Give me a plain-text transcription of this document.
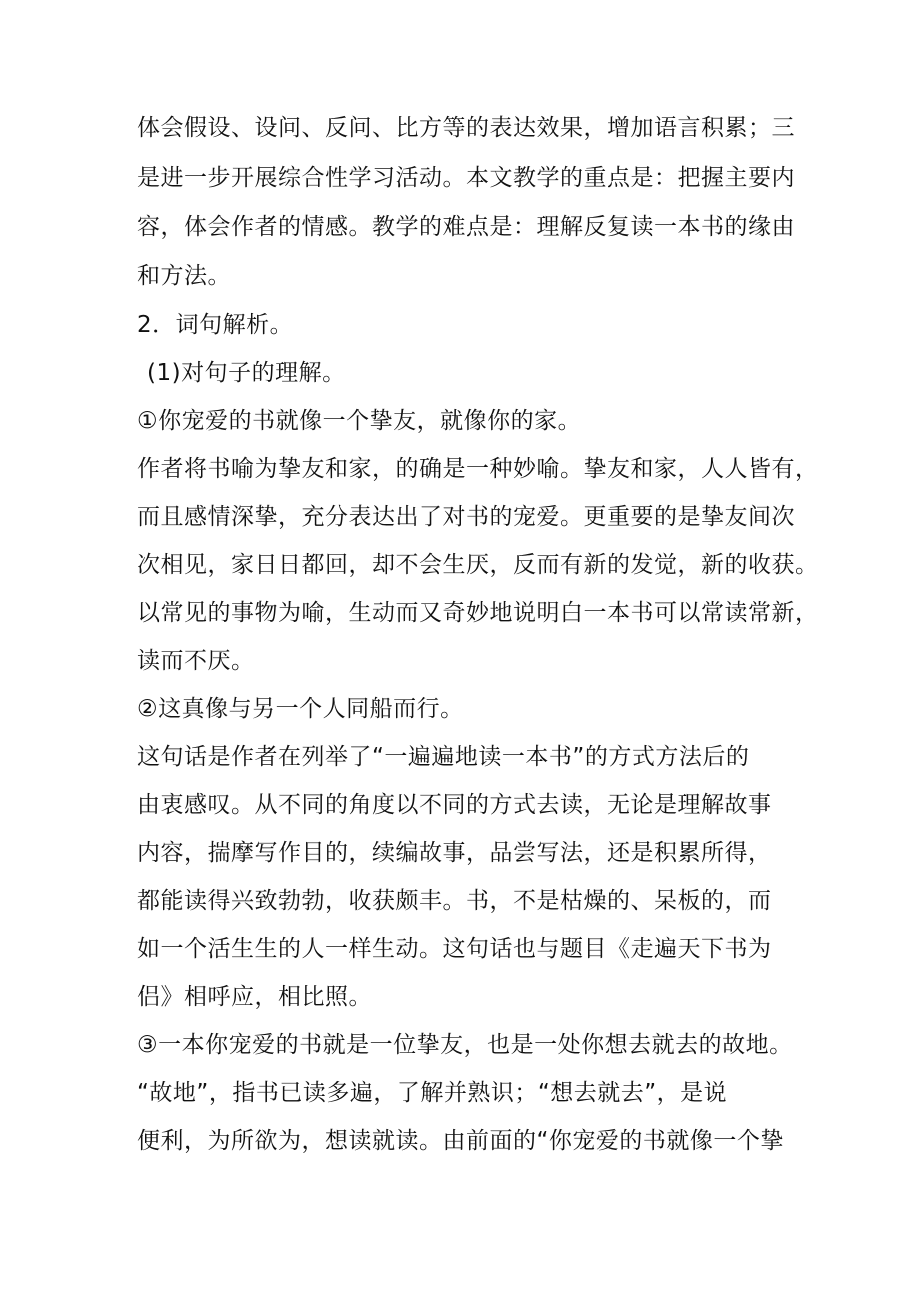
体会假设、设问、反问、比方等的表达效果，增加语言积累；三
是进一步开展综合性学习活动。本文教学的重点是：把握主要内
容，体会作者的情感。教学的难点是：理解反复读一本书的缘由
和方法。
2．词句解析。
(1)对句子的理解。
①你宠爱的书就像一个挚友，就像你的家。
作者将书喻为挚友和家，的确是一种妙喻。挚友和家，人人皆有，
而且感情深挚，充分表达出了对书的宠爱。更重要的是挚友间次
次相见，家日日都回，却不会生厌，反而有新的发觉，新的收获。
以常见的事物为喻，生动而又奇妙地说明白一本书可以常读常新，
读而不厌。
②这真像与另一个人同船而行。
这句话是作者在列举了“一遍遍地读一本书”的方式方法后的
由衷感叹。从不同的角度以不同的方式去读，无论是理解故事
内容，揣摩写作目的，续编故事，品尝写法，还是积累所得，
都能读得兴致勃勃，收获颇丰。书，不是枯燥的、呆板的，而
如一个活生生的人一样生动。这句话也与题目《走遍天下书为
侣》相呼应，相比照。
③一本你宠爱的书就是一位挚友，也是一处你想去就去的故地。
“故地”，指书已读多遍，了解并熟识；“想去就去”，是说
便利，为所欲为，想读就读。由前面的“你宠爱的书就像一个挚
